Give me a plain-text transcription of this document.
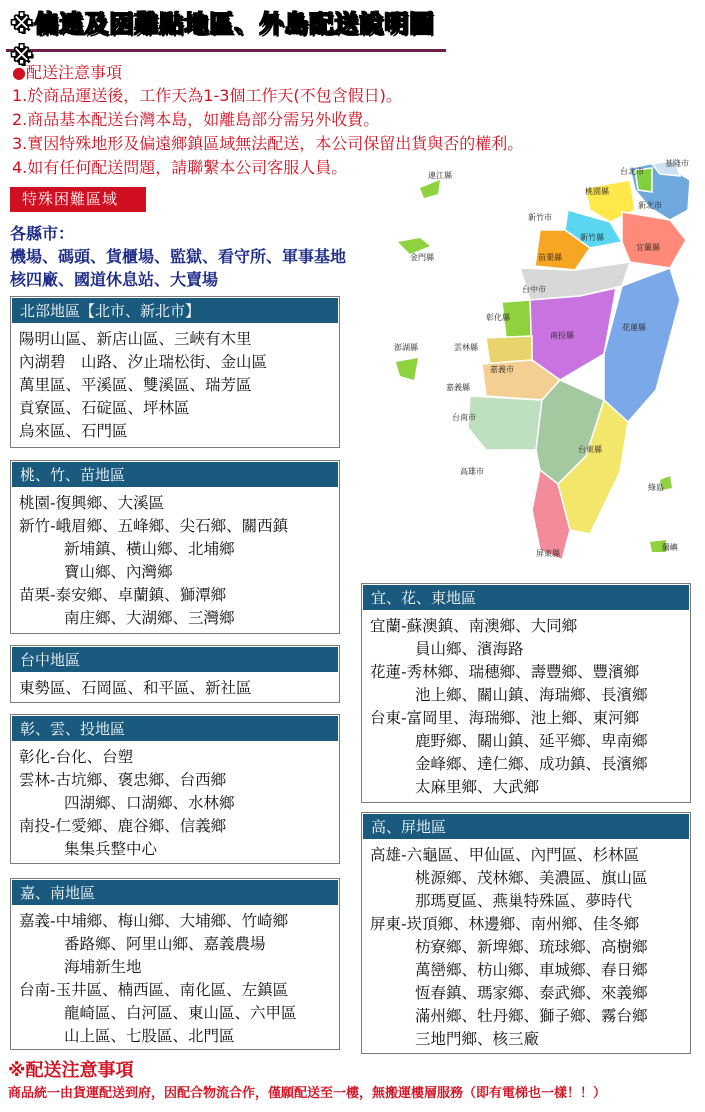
※偏遠及困難點地區、外島配送說明圖※
●配送注意事項
1.於商品運送後，工作天為1-3個工作天(不包含假日)。
2.商品基本配送台灣本島，如離島部分需另外收費。
3.實因特殊地形及偏遠鄉鎮區域無法配送，本公司保留出貨與否的權利。
4.如有任何配送問題，請聯繫本公司客服人員。
特殊困難區域
各縣市：
機場、碼頭、貨櫃場、監獄、看守所、軍事基地
核四廠、國道休息站、大賣場
北部地區【北市、新北市】
陽明山區、新店山區、三峽有木里
內湖碧　山路、汐止瑞松街、金山區
萬里區、平溪區、雙溪區、瑞芳區
貢寮區、石碇區、坪林區
烏來區、石門區
桃、竹、苗地區
桃園-復興鄉、大溪區
新竹-峨眉鄉、五峰鄉、尖石鄉、關西鎮
新埔鎮、橫山鄉、北埔鄉
寶山鄉、內灣鄉
苗栗-泰安鄉、卓蘭鎮、獅潭鄉
南庄鄉、大湖鄉、三灣鄉
台中地區
東勢區、石岡區、和平區、新社區
彰、雲、投地區
彰化-台化、台塑
雲林-古坑鄉、褒忠鄉、台西鄉
四湖鄉、口湖鄉、水林鄉
南投-仁愛鄉、鹿谷鄉、信義鄉
集集兵整中心
嘉、南地區
嘉義-中埔鄉、梅山鄉、大埔鄉、竹崎鄉
番路鄉、阿里山鄉、嘉義農場
海埔新生地
台南-玉井區、楠西區、南化區、左鎮區
龍崎區、白河區、東山區、六甲區
山上區、七股區、北門區
宜、花、東地區
宜蘭-蘇澳鎮、南澳鄉、大同鄉
員山鄉、濱海路
花蓮-秀林鄉、瑞穗鄉、壽豐鄉、豐濱鄉
池上鄉、關山鎮、海瑞鄉、長濱鄉
台東-富岡里、海瑞鄉、池上鄉、東河鄉
鹿野鄉、關山鎮、延平鄉、卑南鄉
金峰鄉、達仁鄉、成功鎮、長濱鄉
太麻里鄉、大武鄉
高、屏地區
高雄-六龜區、甲仙區、內門區、杉林區
桃源鄉、茂林鄉、美濃區、旗山區
那瑪夏區、燕巢特殊區、夢時代
屏東-崁頂鄉、林邊鄉、南州鄉、佳冬鄉
枋寮鄉、新埤鄉、琉球鄉、高樹鄉
萬巒鄉、枋山鄉、車城鄉、春日鄉
恆春鎮、瑪家鄉、泰武鄉、來義鄉
滿州鄉、牡丹鄉、獅子鄉、霧台鄉
三地門鄉、核三廠
台北市
基隆市
桃園縣
新北市
新竹市
新竹縣
宜蘭縣
苗栗縣
台中市
彰化縣
南投縣
花蓮縣
雲林縣
嘉義市
嘉義縣
台南市
台東縣
高雄市
屏東縣
綠島
蘭嶼
連江縣
金門縣
澎湖縣
※配送注意事項
商品統一由貨運配送到府，因配合物流合作，僅願配送至一樓，無搬運樓層服務（即有電梯也一樣！！）
